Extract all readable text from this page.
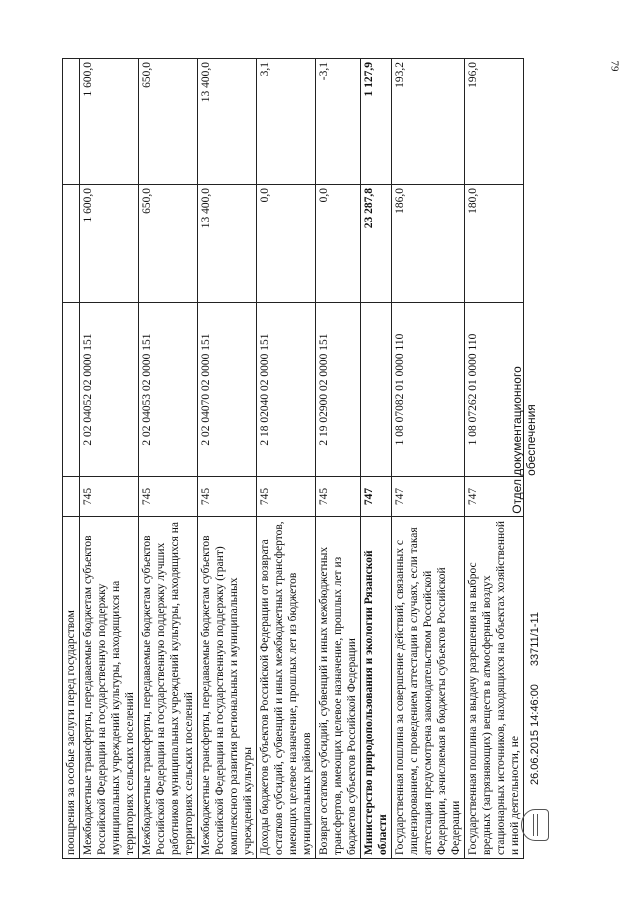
79
поощрения за особые заслуги перед государством				
Межбюджетные трансферты, передаваемые бюджетам субъектов Российской Федерации на государственную поддержку муниципальных учреждений культуры, находящихся на территориях сельских поселений	745	2 02 04052 02 0000 151	1 600,0	1 600,0
Межбюджетные трансферты, передаваемые бюджетам субъектов Российской Федерации на государственную поддержку лучших работников муниципальных учреждений культуры, находящихся на территориях сельских поселений	745	2 02 04053 02 0000 151	650,0	650,0
Межбюджетные трансферты, передаваемые бюджетам субъектов Российской Федерации на государственную поддержку (грант) комплексного развития региональных и муниципальных учреждений культуры	745	2 02 04070 02 0000 151	13 400,0	13 400,0
Доходы бюджетов субъектов Российской Федерации от возврата остатков субсидий, субвенций и иных межбюджетных трансфертов, имеющих целевое назначение, прошлых лет из бюджетов муниципальных районов	745	2 18 02040 02 0000 151	0,0	3,1
Возврат остатков субсидий, субвенций и иных межбюджетных трансфертов, имеющих целевое назначение, прошлых лет из бюджетов субъектов Российской Федерации	745	2 19 02900 02 0000 151	0,0	-3,1
Министерство природопользования и экологии Рязанской области	747		23 287,8	1 127,9
Государственная пошлина за совершение действий, связанных с лицензированием, с проведением аттестации в случаях, если такая аттестация предусмотрена законодательством Российской Федерации, зачисляемая в бюджеты субъектов Российской Федерации	747	1 08 07082 01 0000 110	186,0	193,2
Государственная пошлина за выдачу разрешения на выброс вредных (загрязняющих) веществ в атмосферный воздух стационарных источников, находящихся на объектах хозяйственной и иной деятельности, не	747	1 08 07262 01 0000 110	180,0	196,0
26.06.2015 14:46:00
33711/1-11
Отдел документационного обеспечения
